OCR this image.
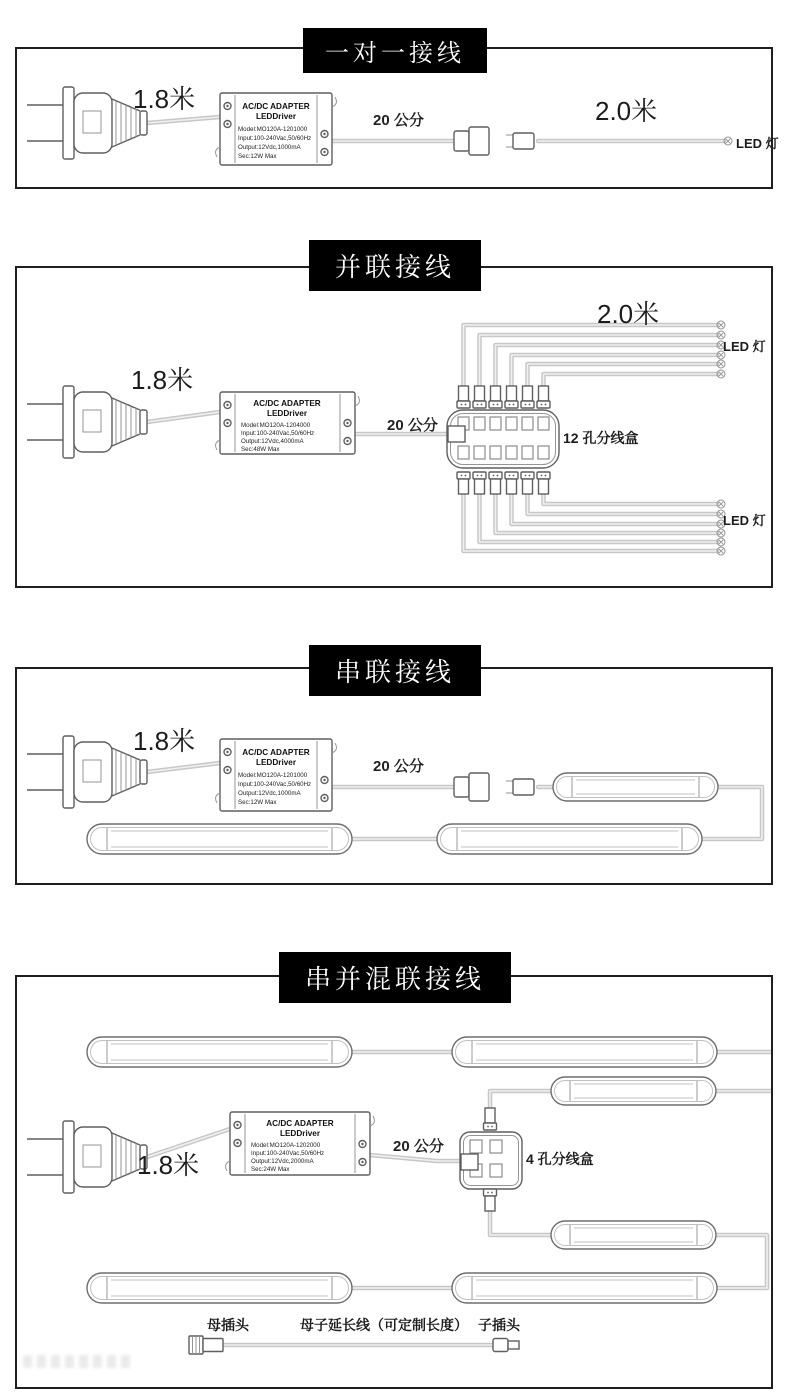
一对一接线
AC/DC ADAPTER
LEDDriver
Model:MO120A-1201000
Input:100-240Vac,50/60Hz
Output:12Vdc,1000mA
Sec:12W Max
1.8米
20 公分	2.0米
LED 灯
并联接线
AC/DC ADAPTER
LEDDriver
Model:MO120A-1204000
Input:100-240Vac,50/60Hz
Output:12Vdc,4000mA
Sec:48W Max
2.0米
LED 灯
LED 灯
1.8米
20 公分
12 孔分线盒
串联接线
AC/DC ADAPTER
LEDDriver
Model:MO120A-1201000
Input:100-240Vac,50/60Hz
Output:12Vdc,1000mA
Sec:12W Max
1.8米
20 公分
串并混联接线
AC/DC ADAPTER
LEDDriver
Model:MO120A-1202000
Input:100-240Vac,50/60Hz
Output:12Vdc,2000mA
Sec:24W Max
1.8米
20 公分
4 孔分线盒
母插头	母子延长线（可定制长度） 子插头
